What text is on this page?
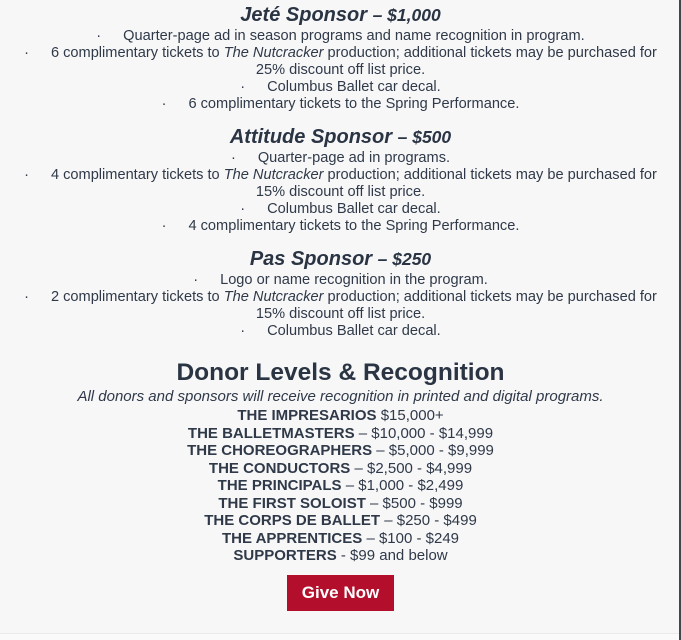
Jeté Sponsor – $1,000

· Quarter-page ad in season programs and name recognition in program.

· 6 complimentary tickets to The Nutcracker production; additional tickets may be purchased for
25% discount off list price.

· Columbus Ballet car decal.

· 6 complimentary tickets to the Spring Performance.

Attitude Sponsor – $500

· Quarter-page ad in programs.

· 4 complimentary tickets to The Nutcracker production; additional tickets may be purchased for
15% discount off list price.

· Columbus Ballet car decal.

· 4 complimentary tickets to the Spring Performance.

Pas Sponsor – $250

· Logo or name recognition in the program.

· 2 complimentary tickets to The Nutcracker production; additional tickets may be purchased for
15% discount off list price.

· Columbus Ballet car decal.

Donor Levels & Recognition

All donors and sponsors will receive recognition in printed and digital programs.

THE IMPRESARIOS $15,000+

THE BALLETMASTERS – $10,000 - $14,999

THE CHOREOGRAPHERS – $5,000 - $9,999

THE CONDUCTORS – $2,500 - $4,999

THE PRINCIPALS – $1,000 - $2,499

THE FIRST SOLOIST – $500 - $999

THE CORPS DE BALLET – $250 - $499

THE APPRENTICES – $100 - $249

SUPPORTERS - $99 and below

Give Now
